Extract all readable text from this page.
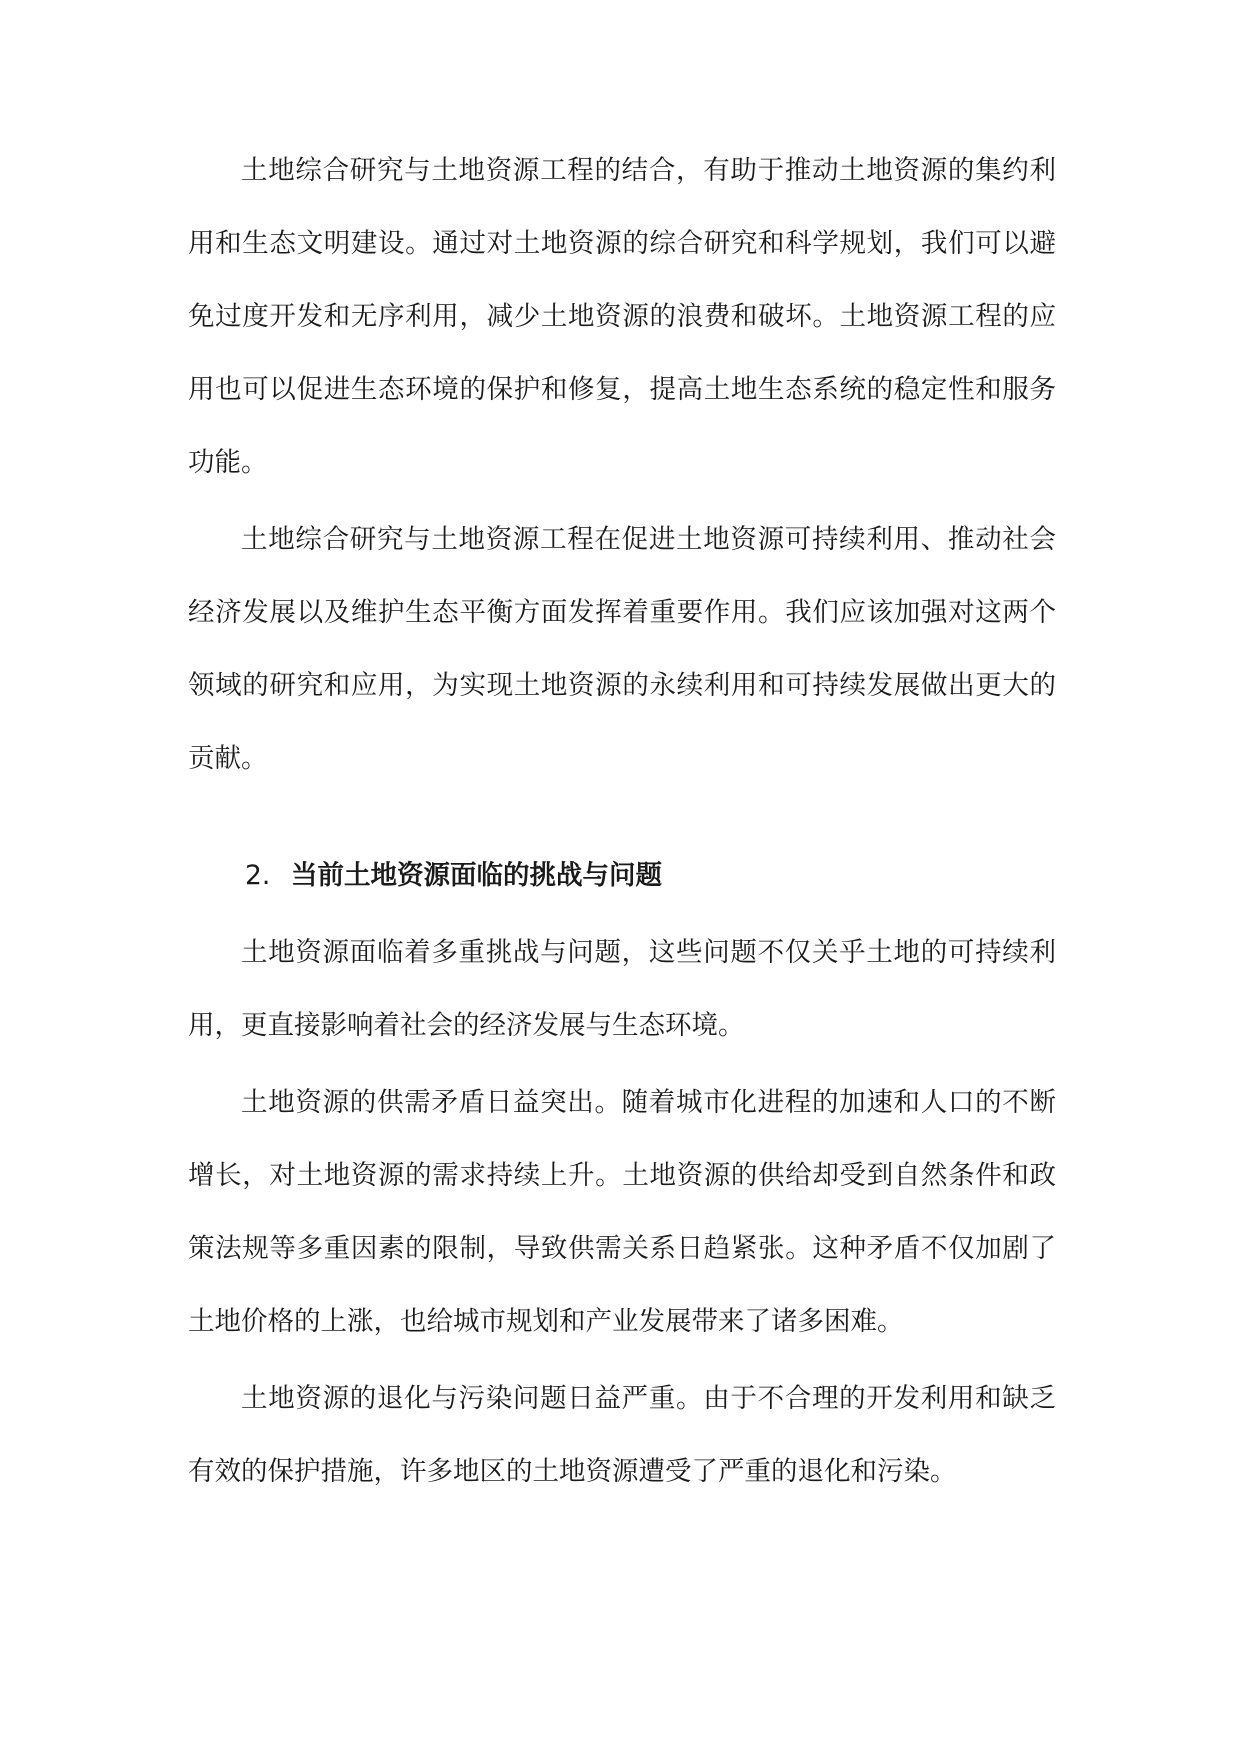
土地综合研究与土地资源工程的结合，有助于推动土地资源的集约利用和生态文明建设。通过对土地资源的综合研究和科学规划，我们可以避免过度开发和无序利用，减少土地资源的浪费和破坏。土地资源工程的应用也可以促进生态环境的保护和修复，提高土地生态系统的稳定性和服务功能。

土地综合研究与土地资源工程在促进土地资源可持续利用、推动社会经济发展以及维护生态平衡方面发挥着重要作用。我们应该加强对这两个领域的研究和应用，为实现土地资源的永续利用和可持续发展做出更大的贡献。

2. 当前土地资源面临的挑战与问题

土地资源面临着多重挑战与问题，这些问题不仅关乎土地的可持续利用，更直接影响着社会的经济发展与生态环境。

土地资源的供需矛盾日益突出。随着城市化进程的加速和人口的不断增长，对土地资源的需求持续上升。土地资源的供给却受到自然条件和政策法规等多重因素的限制，导致供需关系日趋紧张。这种矛盾不仅加剧了土地价格的上涨，也给城市规划和产业发展带来了诸多困难。

土地资源的退化与污染问题日益严重。由于不合理的开发利用和缺乏有效的保护措施，许多地区的土地资源遭受了严重的退化和污染。
